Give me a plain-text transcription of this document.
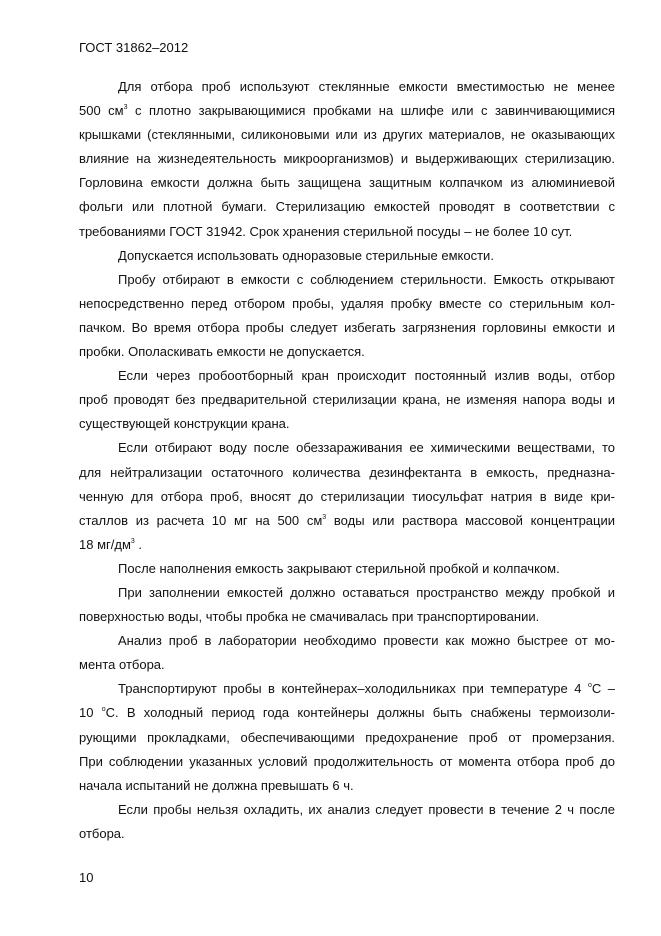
ГОСТ 31862–2012

Для отбора проб используют стеклянные емкости вместимостью не менее

500 $см^3$ с плотно закрывающимися пробками на шлифе или с завинчивающимися

крышками (стеклянными, силиконовыми или из других материалов, не оказывающих

влияние на жизнедеятельность микроорганизмов) и выдерживающих стерилизацию.

Горловина емкости должна быть защищена защитным колпачком из алюминиевой

фольги или плотной бумаги. Стерилизацию емкостей проводят в соответствии с

требованиями ГОСТ 31942. Срок хранения стерильной посуды – не более 10 сут.

Допускается использовать одноразовые стерильные емкости.

Пробу отбирают в емкости с соблюдением стерильности. Емкость открывают

непосредственно перед отбором пробы, удаляя пробку вместе со стерильным кол-

пачком. Во время отбора пробы следует избегать загрязнения горловины емкости и

пробки. Ополаскивать емкости не допускается.

Если через пробоотборный кран происходит постоянный излив воды, отбор

проб проводят без предварительной стерилизации крана, не изменяя напора воды и

существующей конструкции крана.

Если отбирают воду после обеззараживания ее химическими веществами, то

для нейтрализации остаточного количества дезинфектанта в емкость, предназна-

ченную для отбора проб, вносят до стерилизации тиосульфат натрия в виде кри-

сталлов из расчета 10 мг на 500 $см^3$ воды или раствора массовой концентрации

18 $мг/дм^3$ .

После наполнения емкость закрывают стерильной пробкой и колпачком.

При заполнении емкостей должно оставаться пространство между пробкой и

поверхностью воды, чтобы пробка не смачивалась при транспортировании.

Анализ проб в лаборатории необходимо провести как можно быстрее от мо-

мента отбора.

Транспортируют пробы в контейнерах–холодильниках при температуре 4 $^о$С –

10 $^о$С. В холодный период года контейнеры должны быть снабжены термоизоли-

рующими прокладками, обеспечивающими предохранение проб от промерзания.

При соблюдении указанных условий продолжительность от момента отбора проб до

начала испытаний не должна превышать 6 ч.

Если пробы нельзя охладить, их анализ следует провести в течение 2 ч после

отбора.

10
